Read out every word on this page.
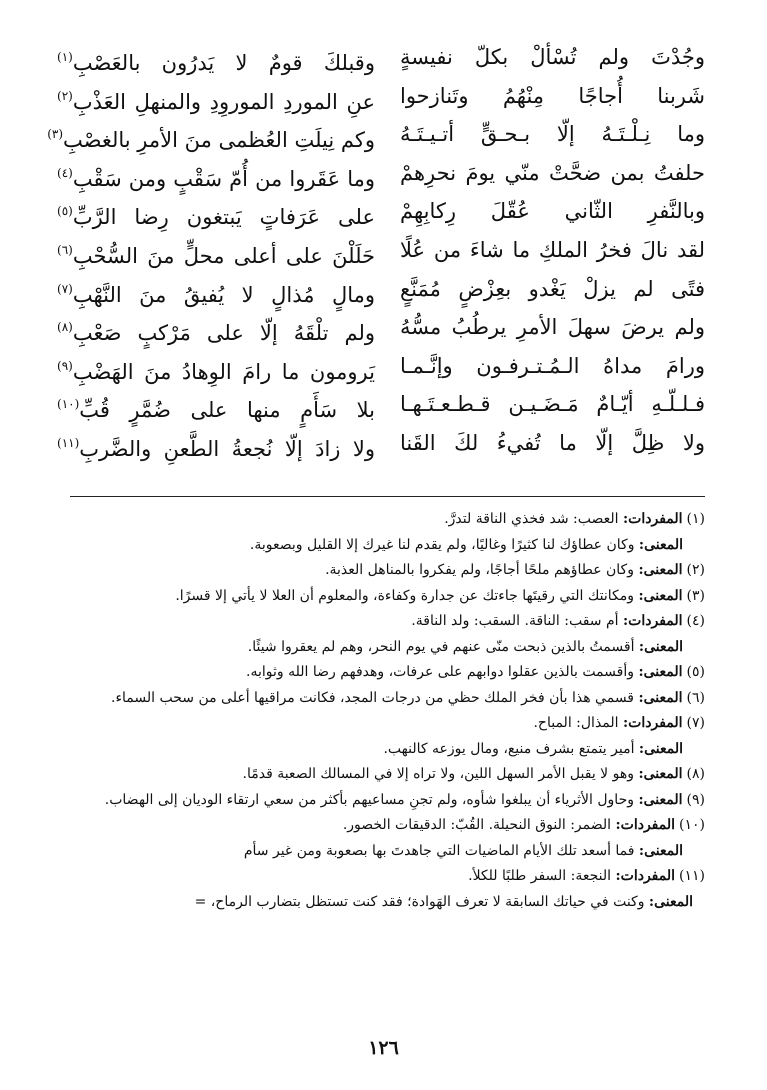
وجُدْتَ ولم تُسْألْ بكلّ نفيسةٍ
وقبلكَ قومٌ لا يَدرُون بالعَصْبِ$^{(١)}$
شَربنا أُجاجًا مِنْهُمُ وتَنازحوا
عنِ الموردِ الموروِدِ والمنهلِ العَذْبِ$^{(٢)}$
وما نِـلْـتَـهُ إلّا بـحـقٍّ أتـيـتَـهُ
وكم نِيلَتِ العُظمى منَ الأمرِ بالغصْبِ$^{(٣)}$
حلفتُ بمن ضحَّتْ منّي يومَ نحرِهمْ
وما عَقَروا من أُمّ سَقْبٍ ومن سَقْبِ$^{(٤)}$
وبالنَّفرِ الثّاني عُقّلَ رِكابِهِمْ
على عَرَفاتٍ يَبتغون رِضا الرَّبِّ$^{(٥)}$
لقد نالَ فخرُ الملكِ ما شاءَ من عُلًا
حَلَلْنَ على أعلى محلٍّ منَ السُّحْبِ$^{(٦)}$
فتًى لم يزلْ يَغْدو بعِزْضٍ مُمَنَّعٍ
ومالٍ مُذالٍ لا يُفيقُ منَ النَّهْبِ$^{(٧)}$
ولم يرضَ سهلَ الأمرِ يرطُبُ مسُّهُ
ولم تلْقَهُ إلّا على مَرْكبٍ صَعْبِ$^{(٨)}$
ورامَ مداهُ الـمُـتـرفـون وإنَّـمـا
يَرومون ما رامَ الوِهادُ منَ الهَضْبِ$^{(٩)}$
فـلـلّـهِ أيّـامٌ مَـضَـيـن قـطـعـتَـهـا
بلا سَأَمٍ منها على ضُمَّرٍ قُبِّ$^{(١٠)}$
ولا ظِلَّ إلّا ما تُفيءُ لكَ القَنا
ولا زادَ إلّا نُجعةُ الطَّعنِ والضَّربِ$^{(١١)}$

(١)المفردات: العصب: شد فخذي الناقة لتدرَّ.

المعنى: وكان عطاؤك لنا كثيرًا وغاليًا، ولم يقدم لنا غيرك إلا القليل وبصعوبة.

(٢)المعنى: وكان عطاؤهم ملحًا أجاجًا، ولم يفكروا بالمناهل العذبة.

(٣)المعنى: ومكانتك التي رقيتَها جاءتك عن جدارة وكفاءة، والمعلوم أن العلا لا يأتي إلا قسرًا.

(٤)المفردات: أم سقب: الناقة. السقب: ولد الناقة.

المعنى: أقسمتُ بالذين ذبحت منّى عنهم في يوم النحر، وهم لم يعقروا شيئًا.

(٥)المعنى: وأقسمت بالذين عقلوا دوابهم على عرفات، وهدفهم رضا الله وثوابه.

(٦)المعنى: قسمي هذا بأن فخر الملك حظي من درجات المجد، فكانت مراقيها أعلى من سحب السماء.

(٧)المفردات: المذال: المباح.

المعنى: أمير يتمتع بشرف منيع، ومال يوزعه كالنهب.

(٨)المعنى: وهو لا يقبل الأمر السهل اللين، ولا تراه إلا في المسالك الصعبة قدمًا.

(٩)المعنى: وحاول الأثرياء أن يبلغوا شأوه، ولم تجنِ مساعيهم بأكثر من سعي ارتقاء الوديان إلى الهضاب.

(١٠)المفردات: الضمر: النوق النحيلة. القُبّ: الدقيقات الخصور.

المعنى: فما أسعد تلك الأيام الماضيات التي جاهدتَ بها بصعوبة ومن غير سأم

(١١)المفردات: النجعة: السفر طلبًا للكلأ.

المعنى: وكنت في حياتك السابقة لا تعرف الهَوادة؛ فقد كنت تستظل بتضارب الرماح، =

١٢٦
